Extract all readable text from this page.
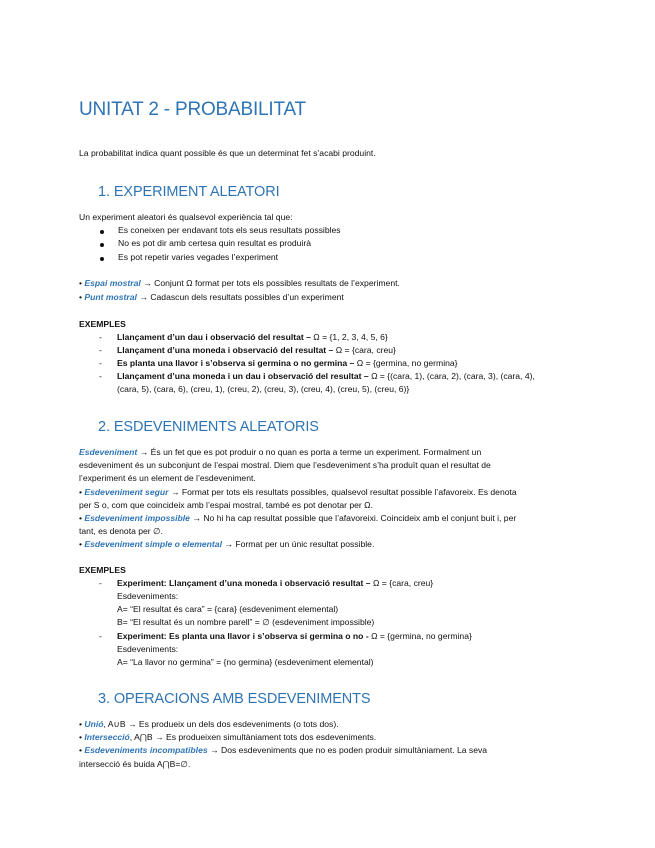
UNITAT 2 - PROBABILITAT
La probabilitat indica quant possible és que un determinat fet s’acabi produint.
1. EXPERIMENT ALEATORI
Un experiment aleatori és qualsevol experiència tal que:
Es coneixen per endavant tots els seus resultats possibles
No es pot dir amb certesa quin resultat es produirà
Es pot repetir varies vegades l’experiment
• Espai mostral → Conjunt Ω format per tots els possibles resultats de l’experiment.
• Punt mostral → Cadascun dels resultats possibles d’un experiment
EXEMPLES
- Llançament d’un dau i observació del resultat – Ω = {1, 2, 3, 4, 5, 6}
- Llançament d’una moneda i observació del resultat – Ω = {cara, creu}
- Es planta una llavor i s’observa si germina o no germina – Ω = {germina, no germina}
- Llançament d’una moneda i un dau i observació del resultat – Ω = {(cara, 1), (cara, 2), (cara, 3), (cara, 4),
(cara, 5), (cara, 6), (creu, 1), (creu, 2), (creu, 3), (creu, 4), (creu, 5), (creu, 6)}
2. ESDEVENIMENTS ALEATORIS
Esdeveniment → És un fet que es pot produir o no quan es porta a terme un experiment. Formalment un
esdeveniment és un subconjunt de l’espai mostral. Diem que l’esdeveniment s’ha produït quan el resultat de
l’experiment és un element de l’esdeveniment.
• Esdeveniment segur → Format per tots els resultats possibles, qualsevol resultat possible l’afavoreix. Es denota
per S o, com que coincideix amb l’espai mostral, també es pot denotar per Ω.
• Esdeveniment impossible → No hi ha cap resultat possible que l’afavoreixi. Coincideix amb el conjunt buit i, per
tant, es denota per ∅.
• Esdeveniment simple o elemental → Format per un únic resultat possible.
EXEMPLES
- Experiment: Llançament d’una moneda i observació resultat – Ω = {cara, creu}
Esdeveniments:
A= “El resultat és cara” = {cara} (esdeveniment elemental)
B= “El resultat és un nombre parell” = ∅ (esdeveniment impossible)
- Experiment: Es planta una llavor i s’observa si germina o no - Ω = {germina, no germina}
Esdeveniments:
A= “La llavor no germina” = {no germina} (esdeveniment elemental)
3. OPERACIONS AMB ESDEVENIMENTS
• Unió, A∪B → Es produeix un dels dos esdeveniments (o tots dos).
• Intersecció, A⋂B → Es produeixen simultàniament tots dos esdeveniments.
• Esdeveniments incompatibles → Dos esdeveniments que no es poden produir simultàniament. La seva
intersecció és buida A⋂B=∅.
